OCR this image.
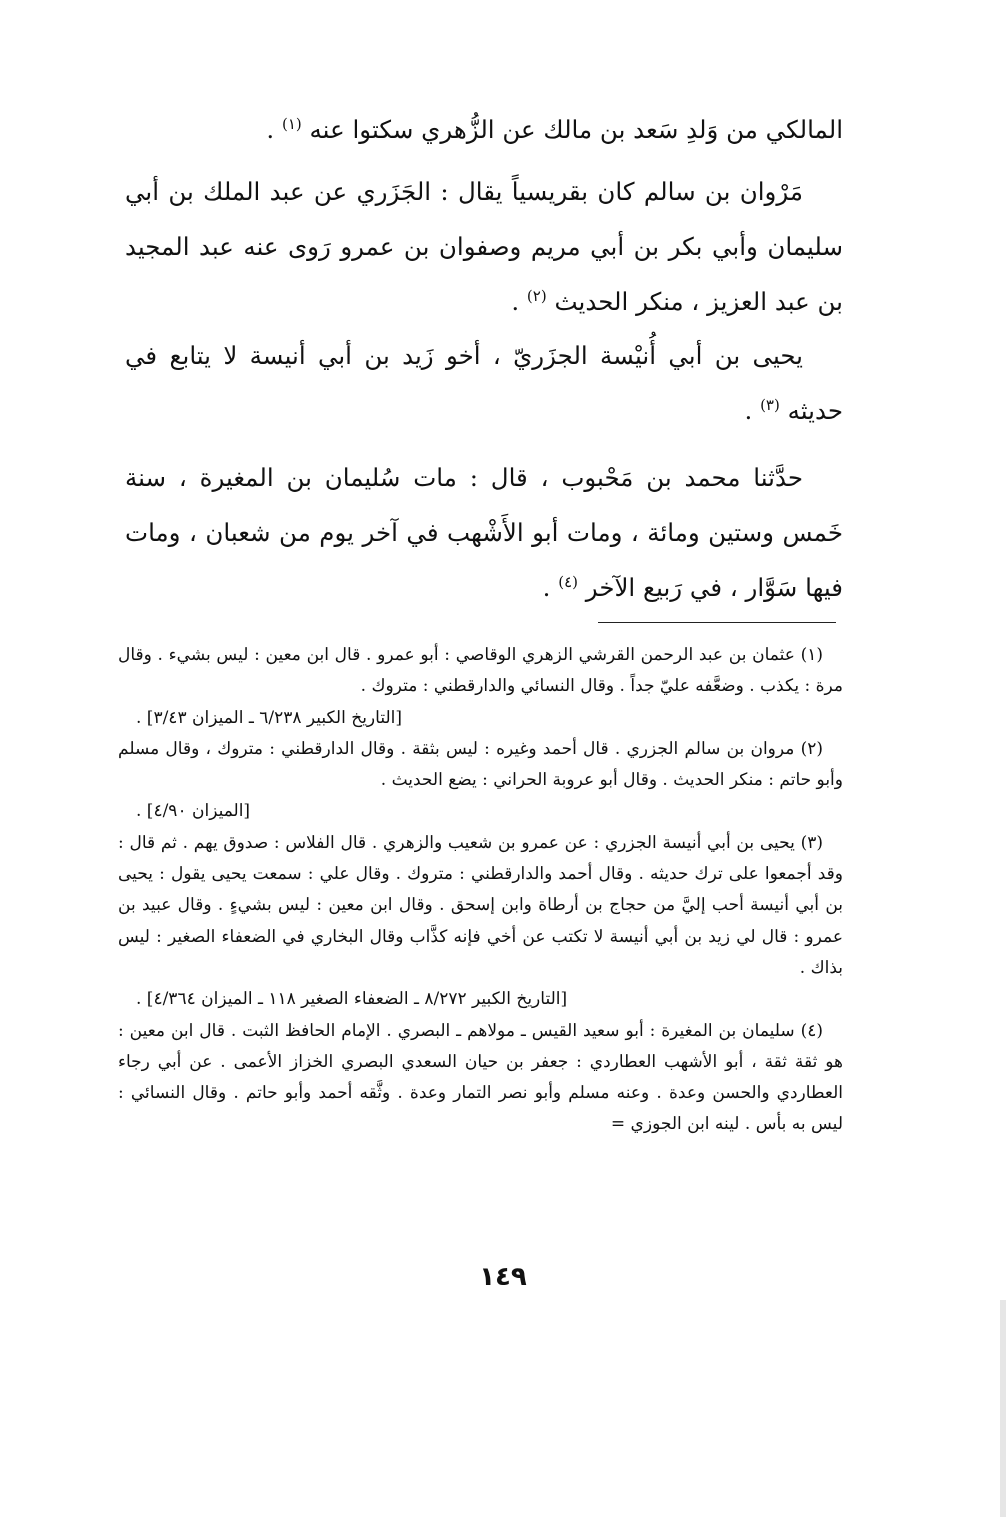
المالكي من وَلدِ سَعد بن مالك عن الزُّهري سكتوا عنه $^{(١)}$ .

مَرْوان بن سالم كان بقريسياً يقال : الجَزَري عن عبد الملك بن أبي سليمان وأبي بكر بن أبي مريم وصفوان بن عمرو رَوى عنه عبد المجيد بن عبد العزيز ، منكر الحديث $^{(٢)}$ .

يحيى بن أبي أُنيْسة الجزَريّ ، أخو زَيد بن أبي أنيسة لا يتابع في حديثه $^{(٣)}$ .

حدَّثنا محمد بن مَحْبوب ، قال : مات سُليمان بن المغيرة ، سنة خَمس وستين ومائة ، ومات أبو الأَشْهب في آخر يوم من شعبان ، ومات فيها سَوَّار ، في رَبيع الآخر $^{(٤)}$ .

(١) عثمان بن عبد الرحمن القرشي الزهري الوقاصي : أبو عمرو . قال ابن معين : ليس بشيء . وقال مرة : يكذب . وضعَّفه عليّ جداً . وقال النسائي والدارقطني : متروك .
[التاريخ الكبير ٦/٢٣٨ ـ الميزان ٣/٤٣] .

(٢) مروان بن سالم الجزري . قال أحمد وغيره : ليس بثقة . وقال الدارقطني : متروك ، وقال مسلم وأبو حاتم : منكر الحديث . وقال أبو عروبة الحراني : يضع الحديث .
[الميزان ٤/٩٠] .

(٣) يحيى بن أبي أنيسة الجزري : عن عمرو بن شعيب والزهري . قال الفلاس : صدوق يهم . ثم قال : وقد أجمعوا على ترك حديثه . وقال أحمد والدارقطني : متروك . وقال علي : سمعت يحيى يقول : يحيى بن أبي أنيسة أحب إليَّ من حجاج بن أرطاة وابن إسحق . وقال ابن معين : ليس بشيءٍ . وقال عبيد بن عمرو : قال لي زيد بن أبي أنيسة لا تكتب عن أخي فإنه كذَّاب وقال البخاري في الضعفاء الصغير : ليس بذاك .
[التاريخ الكبير ٨/٢٧٢ ـ الضعفاء الصغير ١١٨ ـ الميزان ٤/٣٦٤] .

(٤) سليمان بن المغيرة : أبو سعيد القيس ـ مولاهم ـ البصري . الإمام الحافظ الثبت . قال ابن معين : هو ثقة ثقة ، أبو الأشهب العطاردي : جعفر بن حيان السعدي البصري الخزاز الأعمى . عن أبي رجاء العطاردي والحسن وعدة . وعنه مسلم وأبو نصر التمار وعدة . وثَّقه أحمد وأبو حاتم . وقال النسائي : ليس به بأس . لينه ابن الجوزي =

١٤٩
